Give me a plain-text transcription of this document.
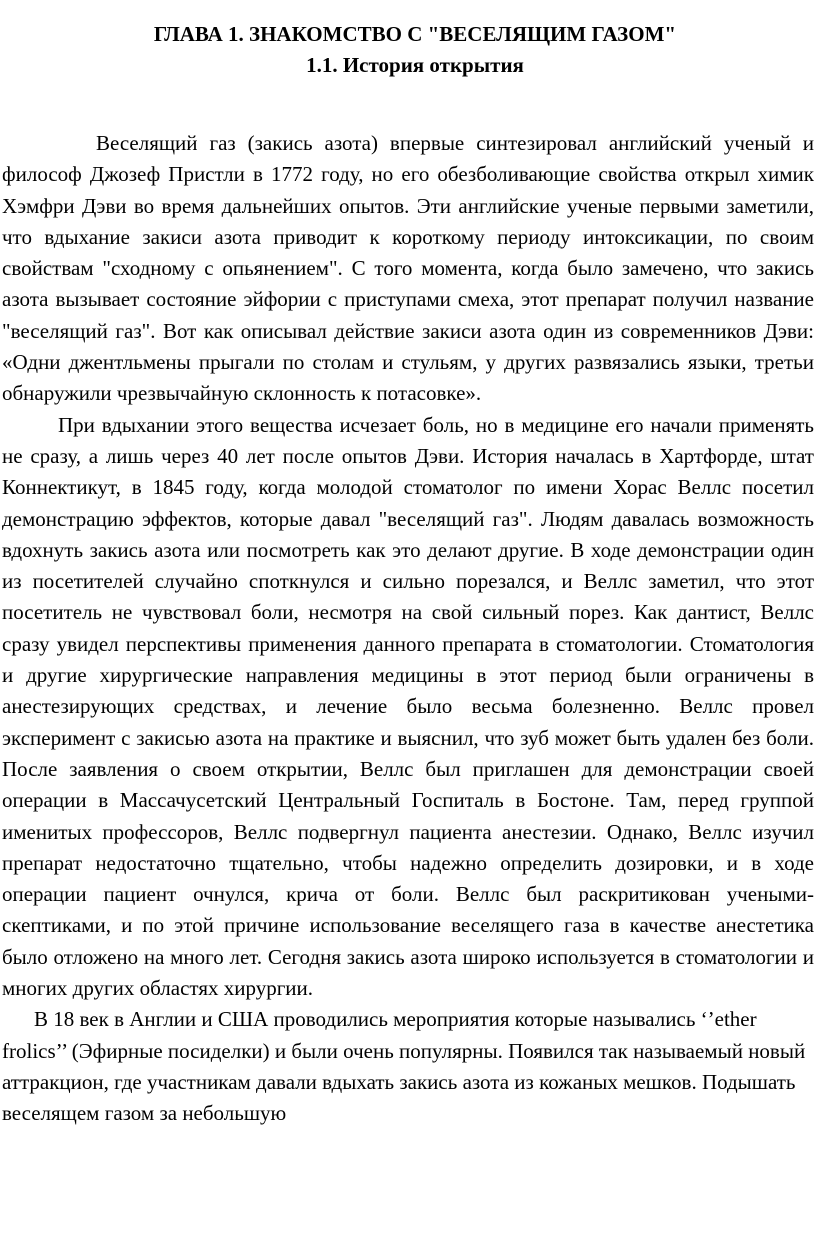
ГЛАВА 1. ЗНАКОМСТВО С "ВЕСЕЛЯЩИМ ГАЗОМ"
1.1. История открытия

Веселящий газ (закись азота) впервые синтезировал английский ученый и философ Джозеф Пристли в 1772 году, но его обезболивающие свойства открыл химик Хэмфри Дэви во время дальнейших опытов. Эти английские ученые первыми заметили, что вдыхание закиси азота приводит к короткому периоду интоксикации, по своим свойствам "сходному с опьянением". С того момента, когда было замечено, что закись азота вызывает состояние эйфории с приступами смеха, этот препарат получил название "веселящий газ". Вот как описывал действие закиси азота один из современников Дэви: «Одни джентльмены прыгали по столам и стульям, у других развязались языки, третьи обнаружили чрезвычайную склонность к потасовке».

При вдыхании этого вещества исчезает боль, но в медицине его начали применять не сразу, а лишь через 40 лет после опытов Дэви. История началась в Хартфорде, штат Коннектикут, в 1845 году, когда молодой стоматолог по имени Хорас Веллс посетил демонстрацию эффектов, которые давал "веселящий газ". Людям давалась возможность вдохнуть закись азота или посмотреть как это делают другие. В ходе демонстрации один из посетителей случайно споткнулся и сильно порезался, и Веллс заметил, что этот посетитель не чувствовал боли, несмотря на свой сильный порез. Как дантист, Веллс сразу увидел перспективы применения данного препарата в стоматологии. Стоматология и другие хирургические направления медицины в этот период были ограничены в анестезирующих средствах, и лечение было весьма болезненно. Веллс провел эксперимент с закисью азота на практике и выяснил, что зуб может быть удален без боли. После заявления о своем открытии, Веллс был приглашен для демонстрации своей операции в Массачусетский Центральный Госпиталь в Бостоне. Там, перед группой именитых профессоров, Веллс подвергнул пациента анестезии. Однако, Веллс изучил препарат недостаточно тщательно, чтобы надежно определить дозировки, и в ходе операции пациент очнулся, крича от боли. Веллс был раскритикован учеными-скептиками, и по этой причине использование веселящего газа в качестве анестетика было отложено на много лет. Сегодня закись азота широко используется в стоматологии и многих других областях хирургии.

В 18 век в Англии и США проводились мероприятия которые назывались ‘’ether frolics’’ (Эфирные посиделки) и были очень популярны. Появился так называемый новый аттракцион, где участникам давали вдыхать закись азота из кожаных мешков. Подышать веселящем газом за небольшую
